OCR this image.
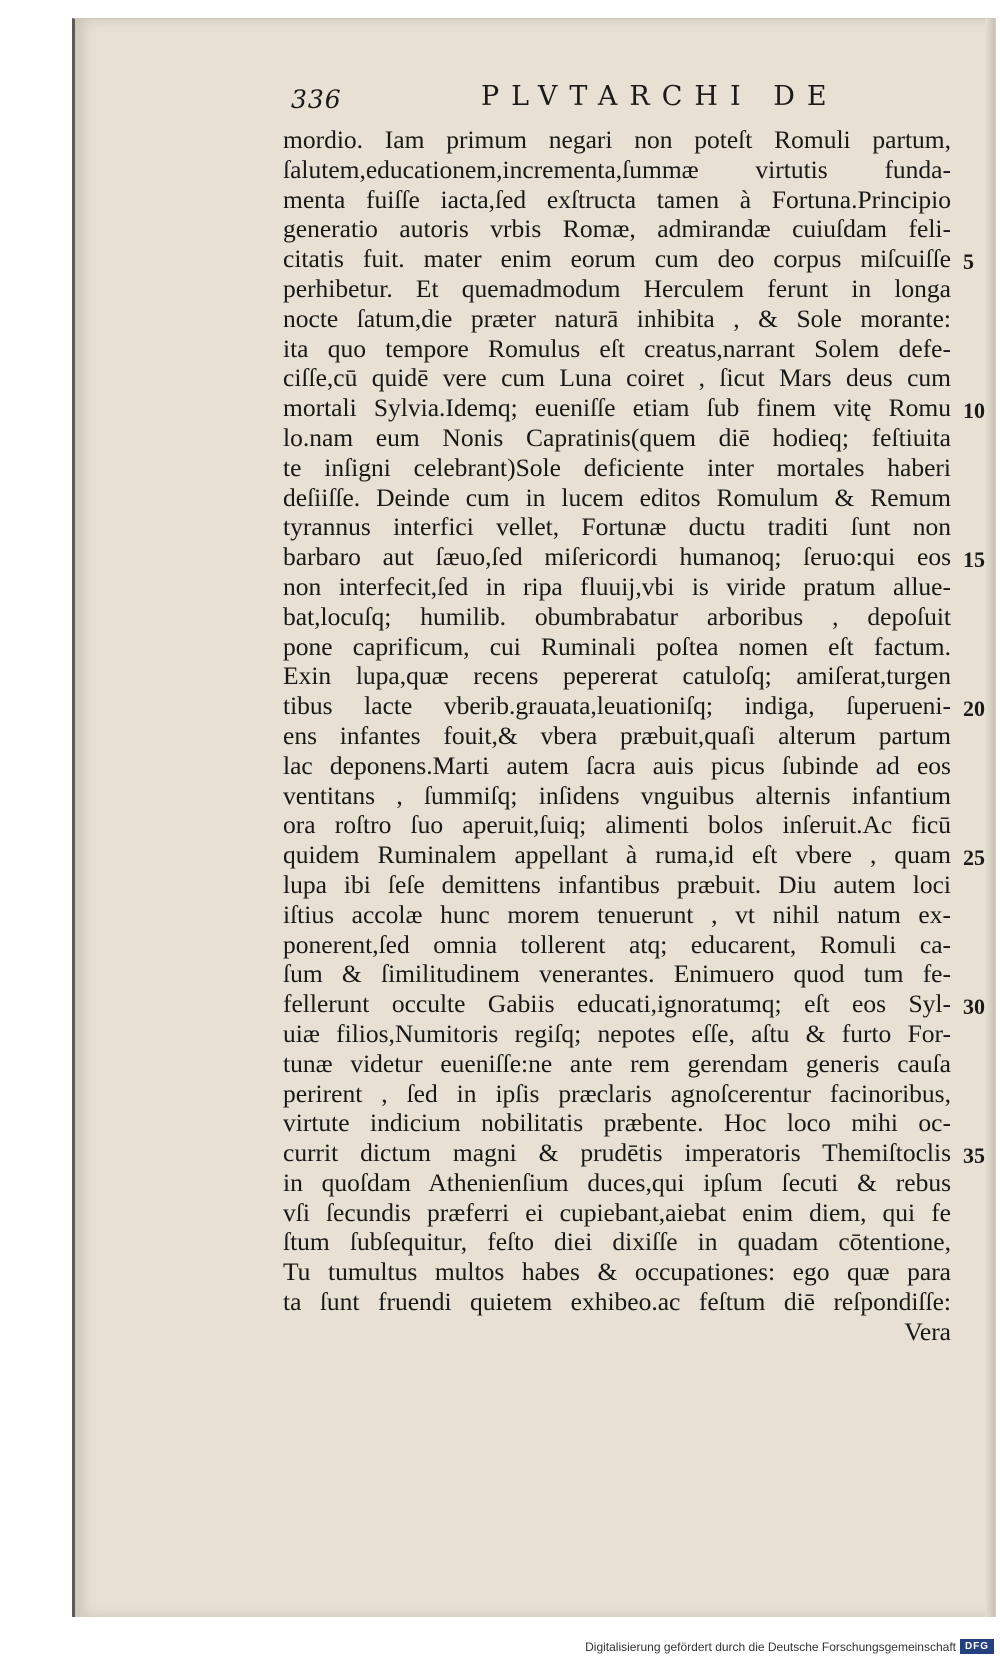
336	PLVTARCHI DE
mordio. Iam primum negari non poteſt Romuli partum,
ſalutem,educationem,incrementa,ſummæ virtutis funda-
menta fuiſſe iacta,ſed exſtructa tamen à Fortuna.Principio
generatio autoris vrbis Romæ, admirandæ cuiuſdam feli-
citatis fuit. mater enim eorum cum deo corpus miſcuiſſe
perhibetur. Et quemadmodum Herculem ferunt in longa
nocte ſatum,die præter naturā inhibita , & Sole morante:
ita quo tempore Romulus eſt creatus,narrant Solem defe-
ciſſe,cū quidē vere cum Luna coiret , ſicut Mars deus cum
mortali Sylvia.Idemq; eueniſſe etiam ſub finem vitę Romu
lo.nam eum Nonis Capratinis(quem diē hodieq; feſtiuita
te inſigni celebrant)Sole deficiente inter mortales haberi
deſiiſſe. Deinde cum in lucem editos Romulum & Remum
tyrannus interfici vellet, Fortunæ ductu traditi ſunt non
barbaro aut ſæuo,ſed miſericordi humanoq; ſeruo:qui eos
non interfecit,ſed in ripa fluuij,vbi is viride pratum allue-
bat,locuſq; humilib. obumbrabatur arboribus , depoſuit
pone caprificum, cui Ruminali poſtea nomen eſt factum.
Exin lupa,quæ recens pepererat catuloſq; amiſerat,turgen
tibus lacte vberib.grauata,leuationiſq; indiga, ſuperueni-
ens infantes fouit,& vbera præbuit,quaſi alterum partum
lac deponens.Marti autem ſacra auis picus ſubinde ad eos
ventitans , ſummiſq; inſidens vnguibus alternis infantium
ora roſtro ſuo aperuit,ſuiq; alimenti bolos inſeruit.Ac ficū
quidem Ruminalem appellant à ruma,id eſt vbere , quam
lupa ibi ſeſe demittens infantibus præbuit. Diu autem loci
iſtius accolæ hunc morem tenuerunt , vt nihil natum ex-
ponerent,ſed omnia tollerent atq; educarent, Romuli ca-
ſum & ſimilitudinem venerantes. Enimuero quod tum fe-
fellerunt occulte Gabiis educati,ignoratumq; eſt eos Syl-
uiæ filios,Numitoris regiſq; nepotes eſſe, aſtu & furto For-
tunæ videtur eueniſſe:ne ante rem gerendam generis cauſa
perirent , ſed in ipſis præclaris agnoſcerentur facinoribus,
virtute indicium nobilitatis præbente. Hoc loco mihi oc-
currit dictum magni & prudētis imperatoris Themiſtoclis
in quoſdam Athenienſium duces,qui ipſum ſecuti & rebus
vſi ſecundis præferri ei cupiebant,aiebat enim diem, qui fe
ſtum ſubſequitur, feſto diei dixiſſe in quadam cōtentione,
Tu tumultus multos habes & occupationes: ego quæ para
ta ſunt fruendi quietem exhibeo.ac feſtum diē reſpondiſſe:
Vera
5
10
15
20
25
30
35
Digitalisierung gefördert durch die Deutsche Forschungsgemeinschaft DFG
